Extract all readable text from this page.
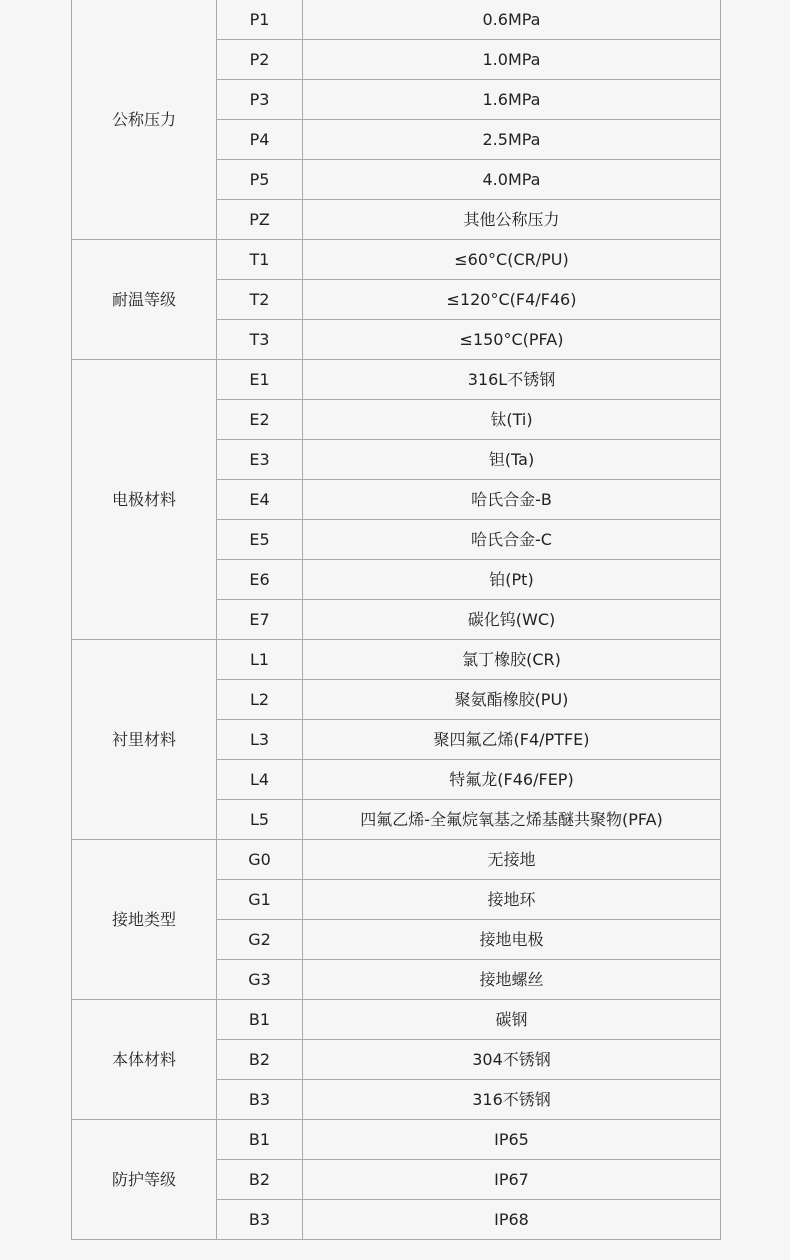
公称压力	P1	0.6MPa
	P2	1.0MPa
	P3	1.6MPa
	P4	2.5MPa
	P5	4.0MPa
	PZ	其他公称压力
耐温等级	T1	≤60°C(CR/PU)
	T2	≤120°C(F4/F46)
	T3	≤150°C(PFA)
电极材料	E1	316L不锈钢
	E2	钛(Ti)
	E3	钽(Ta)
	E4	哈氏合金-B
	E5	哈氏合金-C
	E6	铂(Pt)
	E7	碳化钨(WC)
衬里材料	L1	氯丁橡胶(CR)
	L2	聚氨酯橡胶(PU)
	L3	聚四氟乙烯(F4/PTFE)
	L4	特氟龙(F46/FEP)
	L5	四氟乙烯-全氟烷氧基之烯基醚共聚物(PFA)
接地类型	G0	无接地
	G1	接地环
	G2	接地电极
	G3	接地螺丝
本体材料	B1	碳钢
	B2	304不锈钢
	B3	316不锈钢
防护等级	B1	IP65
	B2	IP67
	B3	IP68
